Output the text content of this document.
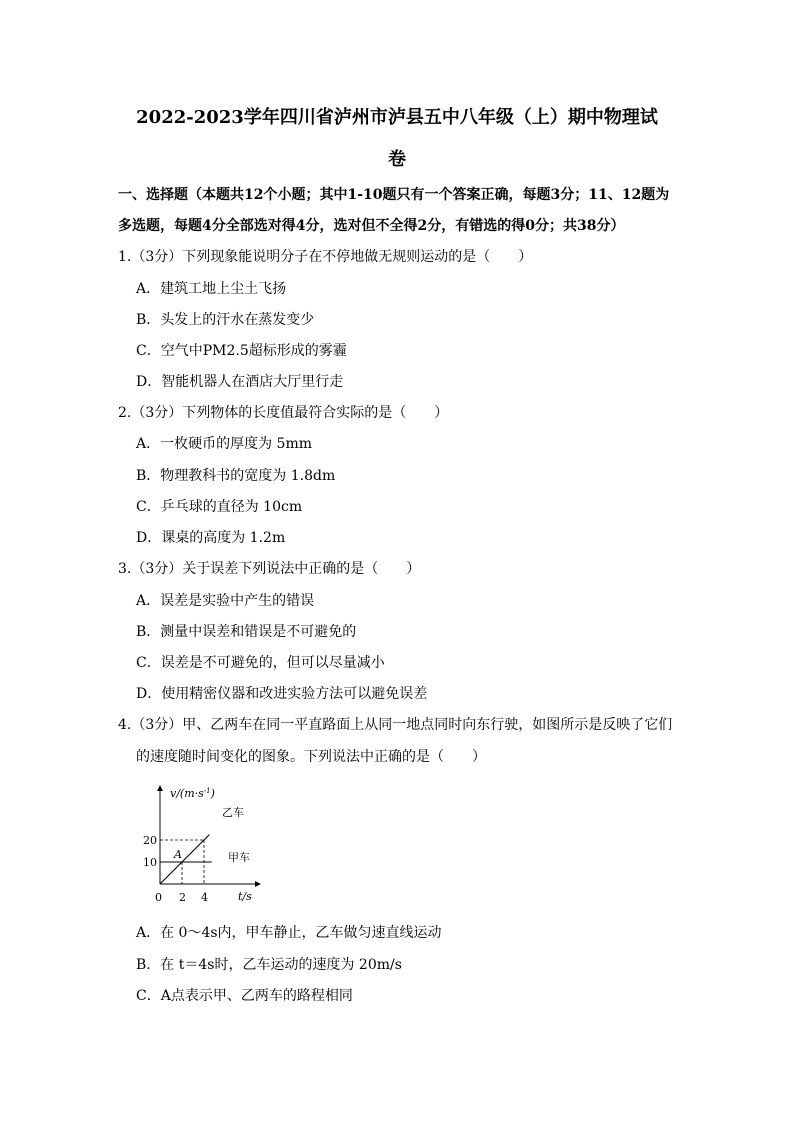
2022-2023学年四川省泸州市泸县五中八年级（上）期中物理试
卷
一、选择题（本题共12个小题；其中1-10题只有一个答案正确，每题3分；11、12题为
多选题，每题4分全部选对得4分，选对但不全得2分，有错选的得0分；共38分）
1.（3分）下列现象能说明分子在不停地做无规则运动的是（　　）
A．建筑工地上尘土飞扬
B．头发上的汗水在蒸发变少
C．空气中PM2.5超标形成的雾霾
D．智能机器人在酒店大厅里行走
2.（3分）下列物体的长度值最符合实际的是（　　）
A．一枚硬币的厚度为 5mm
B．物理教科书的宽度为 1.8dm
C．乒乓球的直径为 10cm
D．课桌的高度为 1.2m
3.（3分）关于误差下列说法中正确的是（　　）
A．误差是实验中产生的错误
B．测量中误差和错误是不可避免的
C．误差是不可避免的，但可以尽量减小
D．使用精密仪器和改进实验方法可以避免误差
4.（3分）甲、乙两车在同一平直路面上从同一地点同时向东行驶，如图所示是反映了它们
的速度随时间变化的图象。下列说法中正确的是（　　）
$v/(m\cdot s^{-1})$
t/s
0
20
10
2 4
A
乙车
甲车
A．在 0～4s内，甲车静止，乙车做匀速直线运动
B．在 t＝4s时，乙车运动的速度为 20m/s
C．A点表示甲、乙两车的路程相同
